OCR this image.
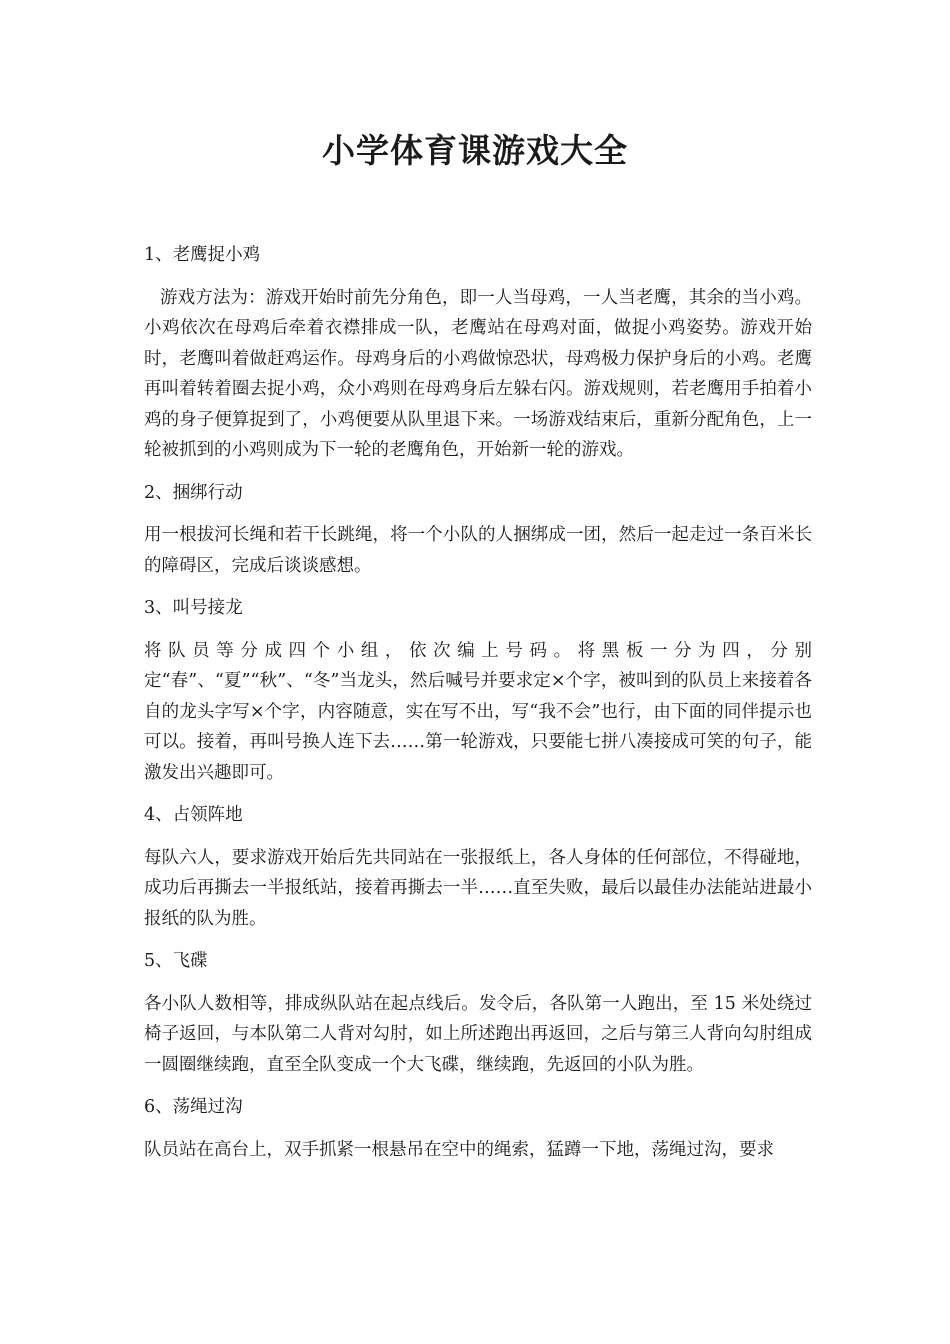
小学体育课游戏大全

1、老鹰捉小鸡

游戏方法为：游戏开始时前先分角色，即一人当母鸡，一人当老鹰，其余的当小鸡。小鸡依次在母鸡后牵着衣襟排成一队，老鹰站在母鸡对面，做捉小鸡姿势。游戏开始时，老鹰叫着做赶鸡运作。母鸡身后的小鸡做惊恐状，母鸡极力保护身后的小鸡。老鹰再叫着转着圈去捉小鸡，众小鸡则在母鸡身后左躲右闪。游戏规则，若老鹰用手拍着小鸡的身子便算捉到了，小鸡便要从队里退下来。一场游戏结束后，重新分配角色，上一轮被抓到的小鸡则成为下一轮的老鹰角色，开始新一轮的游戏。

2、捆绑行动

用一根拔河长绳和若干长跳绳，将一个小队的人捆绑成一团，然后一起走过一条百米长的障碍区，完成后谈谈感想。

3、叫号接龙

将队员等分成四个小组，依次编上号码。将黑板一分为四，分别定“春”、“夏”“秋”、“冬”当龙头，然后喊号并要求定×个字，被叫到的队员上来接着各自的龙头字写×个字，内容随意，实在写不出，写“我不会”也行，由下面的同伴提示也可以。接着，再叫号换人连下去……第一轮游戏，只要能七拼八凑接成可笑的句子，能激发出兴趣即可。

4、占领阵地

每队六人，要求游戏开始后先共同站在一张报纸上，各人身体的任何部位，不得碰地，成功后再撕去一半报纸站，接着再撕去一半……直至失败，最后以最佳办法能站进最小报纸的队为胜。

5、飞碟

各小队人数相等，排成纵队站在起点线后。发令后，各队第一人跑出，至 15 米处绕过椅子返回，与本队第二人背对勾肘，如上所述跑出再返回，之后与第三人背向勾肘组成一圆圈继续跑，直至全队变成一个大飞碟，继续跑，先返回的小队为胜。

6、荡绳过沟

队员站在高台上，双手抓紧一根悬吊在空中的绳索，猛蹲一下地，荡绳过沟，要求
